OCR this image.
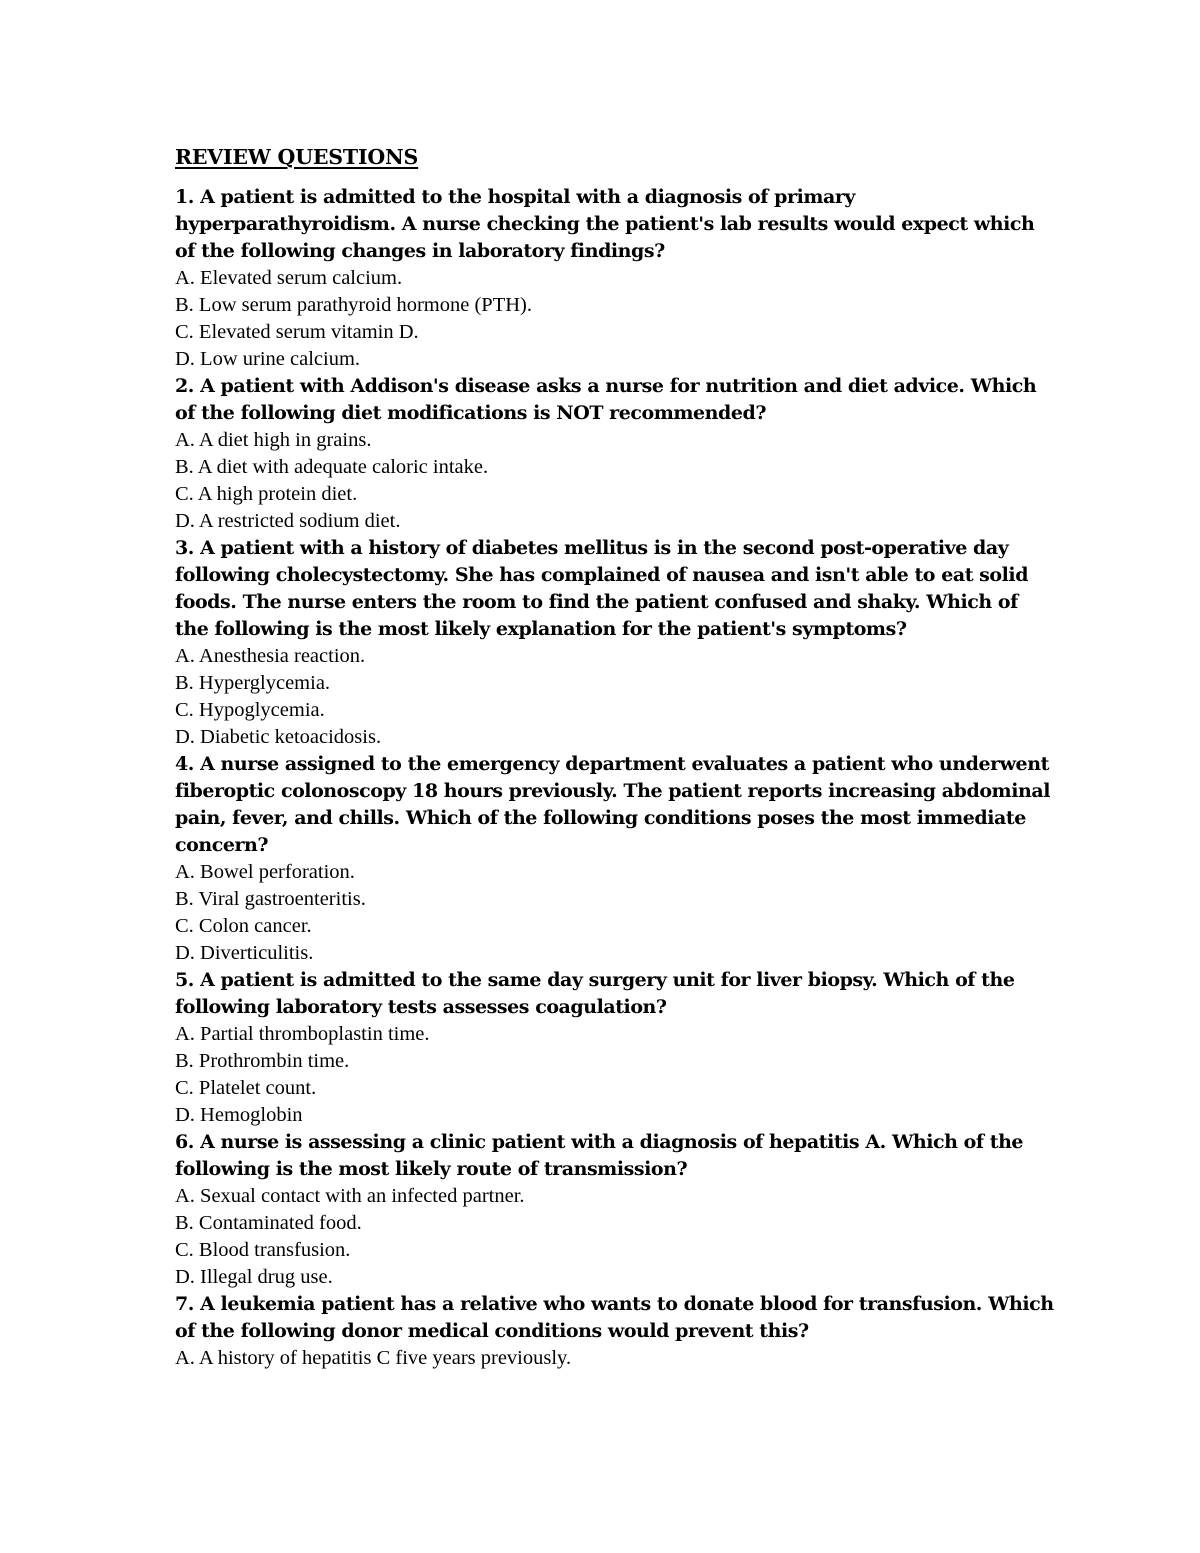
REVIEW QUESTIONS

1. A patient is admitted to the hospital with a diagnosis of primary hyperparathyroidism. A nurse checking the patient's lab results would expect which of the following changes in laboratory findings?

A. Elevated serum calcium.
B. Low serum parathyroid hormone (PTH).
C. Elevated serum vitamin D.
D. Low urine calcium.

2. A patient with Addison's disease asks a nurse for nutrition and diet advice. Which of the following diet modifications is NOT recommended?

A. A diet high in grains.
B. A diet with adequate caloric intake.
C. A high protein diet.
D. A restricted sodium diet.

3. A patient with a history of diabetes mellitus is in the second post-operative day following cholecystectomy. She has complained of nausea and isn't able to eat solid foods. The nurse enters the room to find the patient confused and shaky. Which of the following is the most likely explanation for the patient's symptoms?

A. Anesthesia reaction.
B. Hyperglycemia.
C. Hypoglycemia.
D. Diabetic ketoacidosis.

4. A nurse assigned to the emergency department evaluates a patient who underwent fiberoptic colonoscopy 18 hours previously. The patient reports increasing abdominal pain, fever, and chills. Which of the following conditions poses the most immediate concern?

A. Bowel perforation.
B. Viral gastroenteritis.
C. Colon cancer.
D. Diverticulitis.

5. A patient is admitted to the same day surgery unit for liver biopsy. Which of the following laboratory tests assesses coagulation?

A. Partial thromboplastin time.
B. Prothrombin time.
C. Platelet count.
D. Hemoglobin

6. A nurse is assessing a clinic patient with a diagnosis of hepatitis A. Which of the following is the most likely route of transmission?

A. Sexual contact with an infected partner.
B. Contaminated food.
C. Blood transfusion.
D. Illegal drug use.

7. A leukemia patient has a relative who wants to donate blood for transfusion. Which of the following donor medical conditions would prevent this?

A. A history of hepatitis C five years previously.
